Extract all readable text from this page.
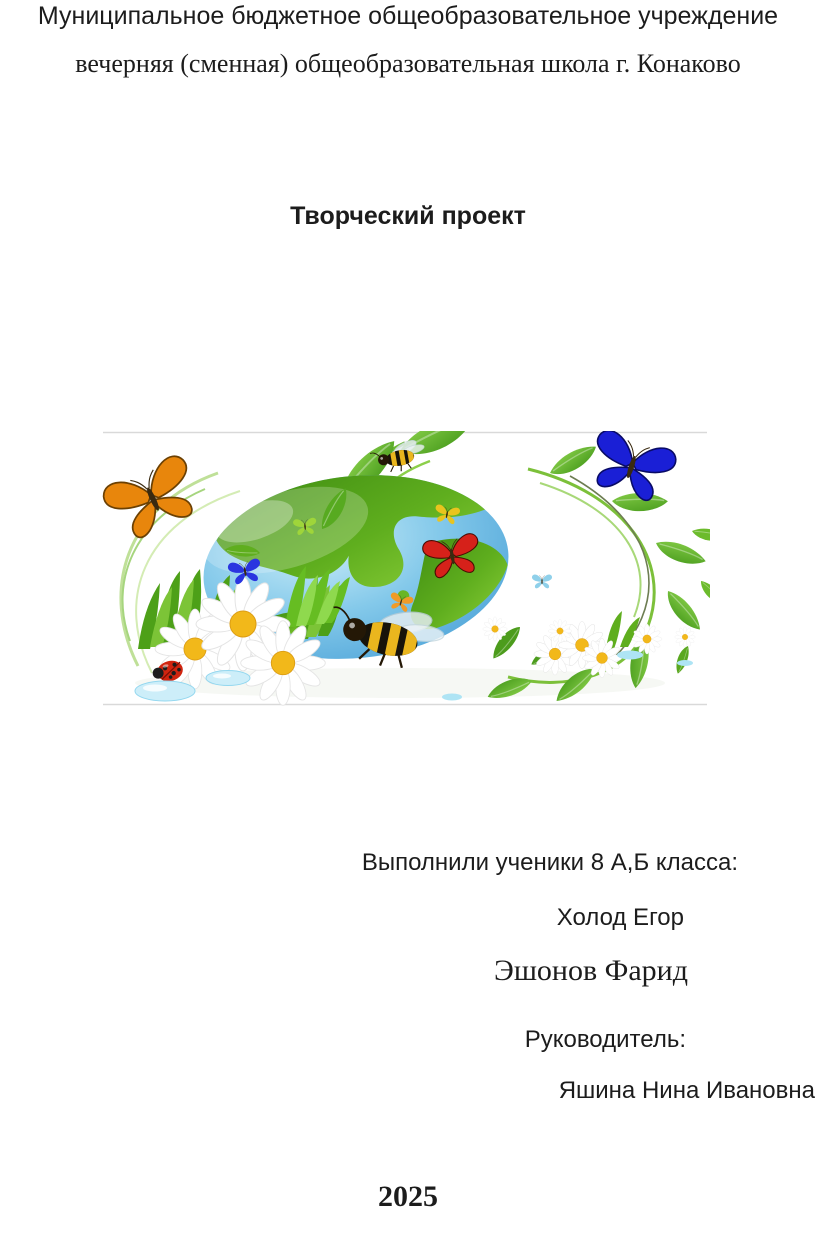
Муниципальное бюджетное общеобразовательное учреждение
вечерняя (сменная) общеобразовательная школа г. Конаково
Творческий проект
Выполнили ученики 8 А,Б класса:
Холод Егор
Эшонов Фарид
Руководитель:
Яшина Нина Ивановна
2025
